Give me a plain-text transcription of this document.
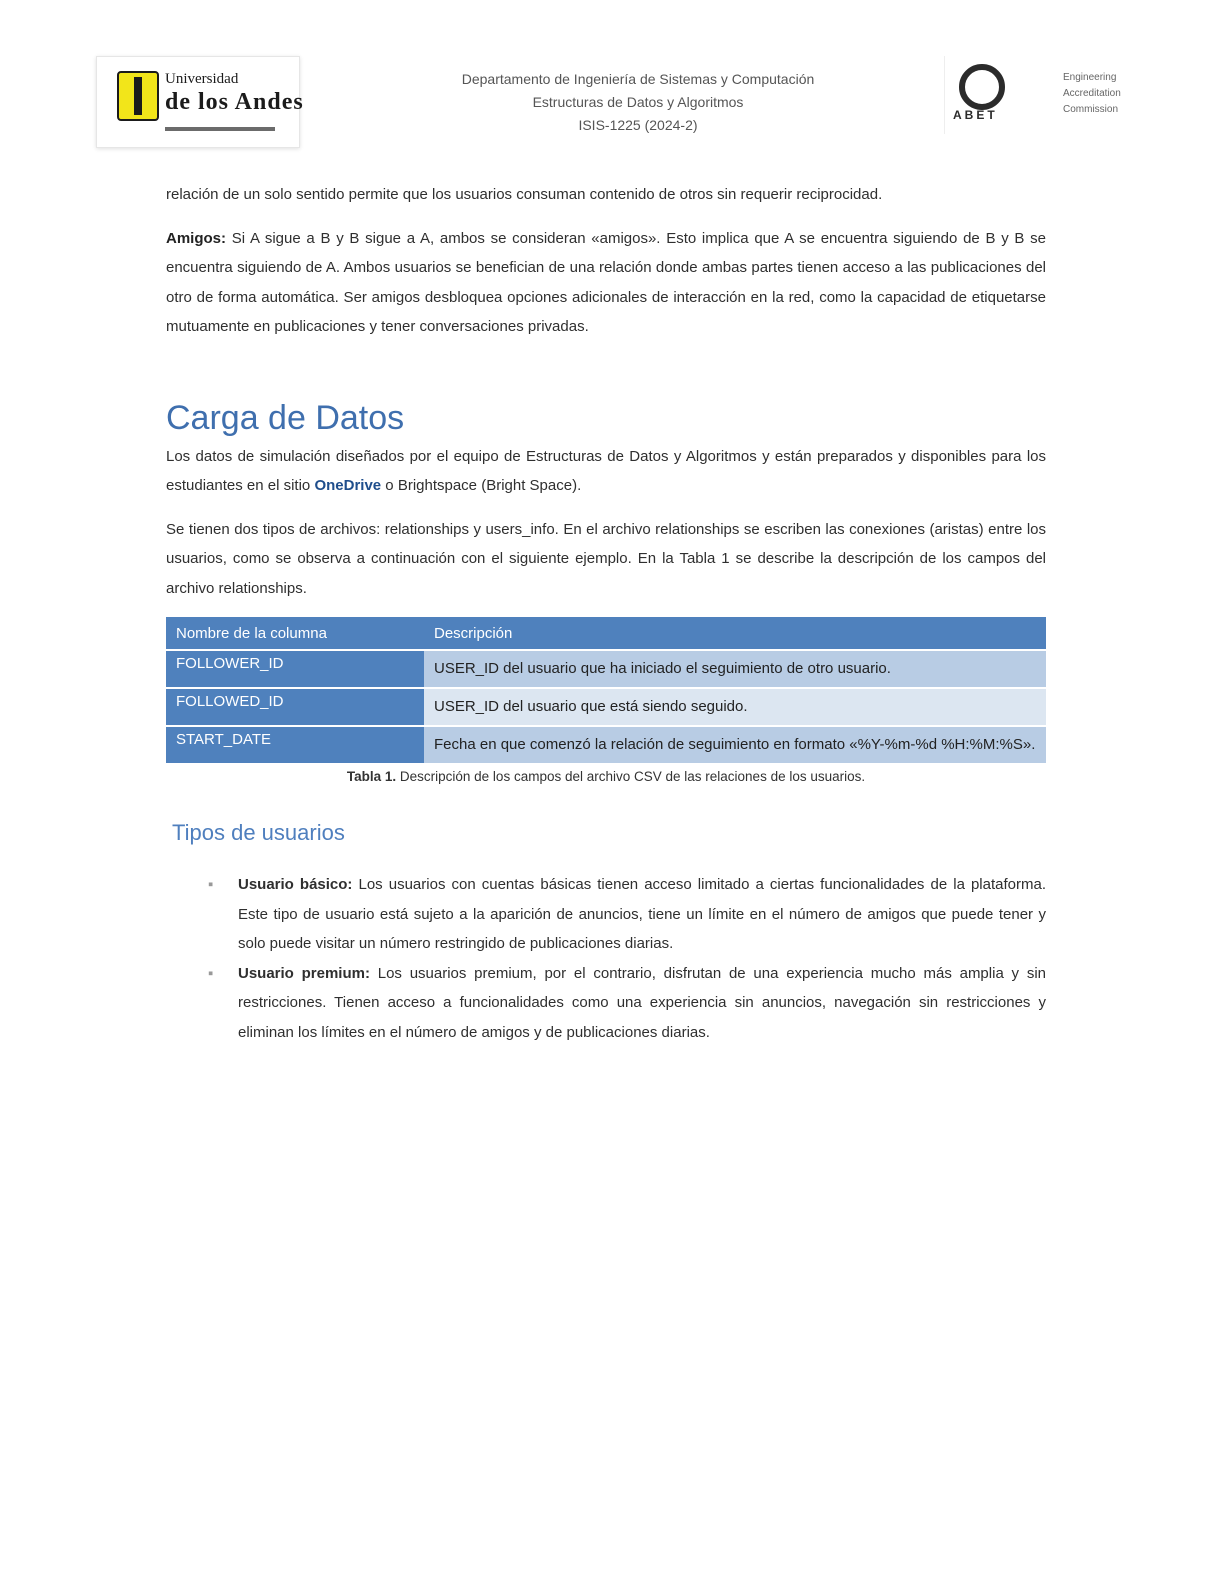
Universidad
de los Andes
Departamento de Ingeniería de Sistemas y Computación
Estructuras de Datos y Algoritmos
ISIS-1225 (2024-2)
ABET
Engineering Accreditation Commission

relación de un solo sentido permite que los usuarios consuman contenido de otros sin requerir reciprocidad.

Amigos: Si A sigue a B y B sigue a A, ambos se consideran «amigos». Esto implica que A se encuentra siguiendo de B y B se encuentra siguiendo de A. Ambos usuarios se benefician de una relación donde ambas partes tienen acceso a las publicaciones del otro de forma automática. Ser amigos desbloquea opciones adicionales de interacción en la red, como la capacidad de etiquetarse mutuamente en publicaciones y tener conversaciones privadas.

Carga de Datos

Los datos de simulación diseñados por el equipo de Estructuras de Datos y Algoritmos y están preparados y disponibles para los estudiantes en el sitio OneDrive o Brightspace (Bright Space).

Se tienen dos tipos de archivos: relationships y users_info. En el archivo relationships se escriben las conexiones (aristas) entre los usuarios, como se observa a continuación con el siguiente ejemplo. En la Tabla 1 se describe la descripción de los campos del archivo relationships.

Nombre de la columna	Descripción
FOLLOWER_ID	USER_ID del usuario que ha iniciado el seguimiento de otro usuario.
FOLLOWED_ID	USER_ID del usuario que está siendo seguido.
START_DATE	Fecha en que comenzó la relación de seguimiento en formato «%Y-%m-%d %H:%M:%S».
Tabla 1. Descripción de los campos del archivo CSV de las relaciones de los usuarios.
Tipos de usuarios
▪ Usuario básico: Los usuarios con cuentas básicas tienen acceso limitado a ciertas funcionalidades de la plataforma. Este tipo de usuario está sujeto a la aparición de anuncios, tiene un límite en el número de amigos que puede tener y solo puede visitar un número restringido de publicaciones diarias.
▪ Usuario premium: Los usuarios premium, por el contrario, disfrutan de una experiencia mucho más amplia y sin restricciones. Tienen acceso a funcionalidades como una experiencia sin anuncios, navegación sin restricciones y eliminan los límites en el número de amigos y de publicaciones diarias.
